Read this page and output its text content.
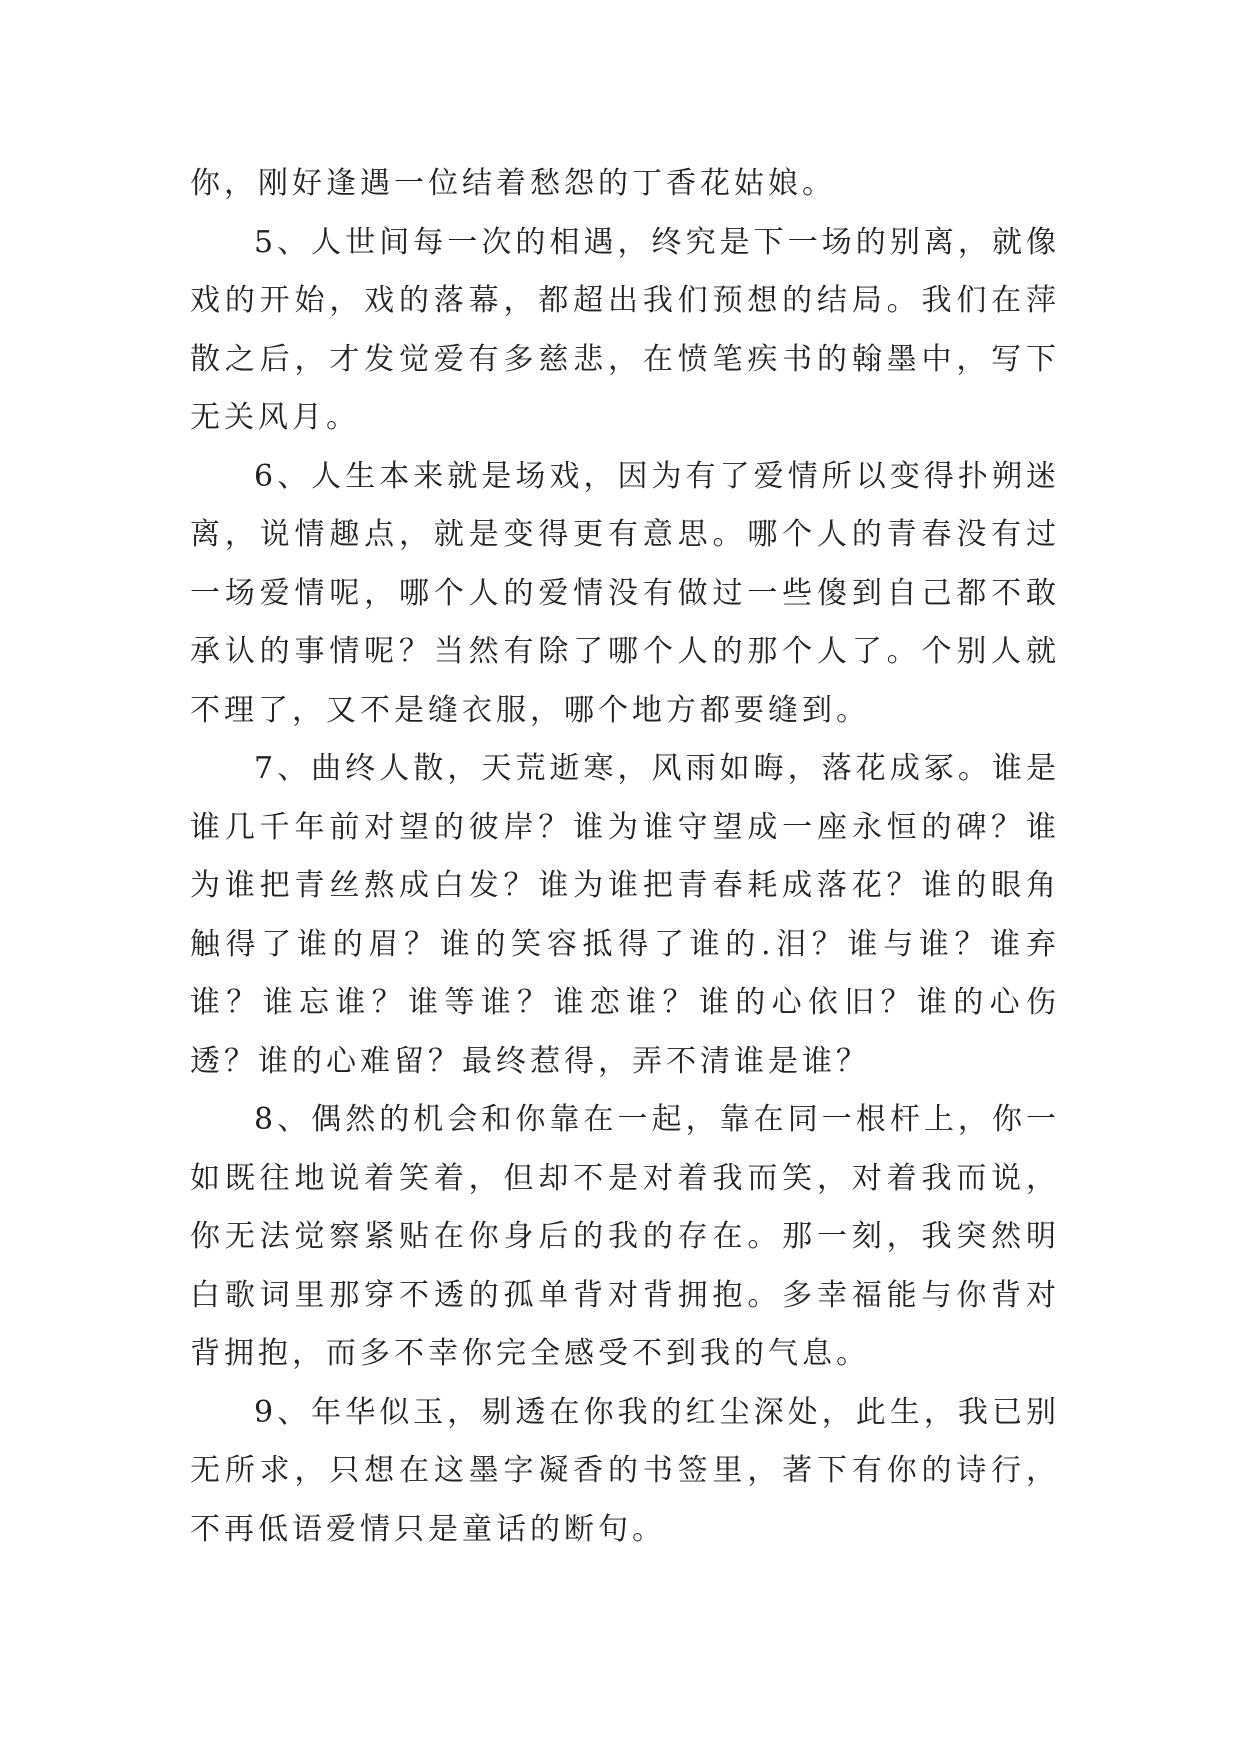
你，刚好逢遇一位结着愁怨的丁香花姑娘。

5、人世间每一次的相遇，终究是下一场的别离，就像戏的开始，戏的落幕，都超出我们预想的结局。我们在萍散之后，才发觉爱有多慈悲，在愤笔疾书的翰墨中，写下无关风月。

6、人生本来就是场戏，因为有了爱情所以变得扑朔迷离，说情趣点，就是变得更有意思。哪个人的青春没有过一场爱情呢，哪个人的爱情没有做过一些傻到自己都不敢承认的事情呢？当然有除了哪个人的那个人了。个别人就不理了，又不是缝衣服，哪个地方都要缝到。

7、曲终人散，天荒逝寒，风雨如晦，落花成冢。谁是谁几千年前对望的彼岸？谁为谁守望成一座永恒的碑？谁为谁把青丝熬成白发？谁为谁把青春耗成落花？谁的眼角触得了谁的眉？谁的笑容抵得了谁的.泪？谁与谁？谁弃谁？谁忘谁？谁等谁？谁恋谁？谁的心依旧？谁的心伤透？谁的心难留？最终惹得，弄不清谁是谁？

8、偶然的机会和你靠在一起，靠在同一根杆上，你一如既往地说着笑着，但却不是对着我而笑，对着我而说，你无法觉察紧贴在你身后的我的存在。那一刻，我突然明白歌词里那穿不透的孤单背对背拥抱。多幸福能与你背对背拥抱，而多不幸你完全感受不到我的气息。

9、年华似玉，剔透在你我的红尘深处，此生，我已别无所求，只想在这墨字凝香的书签里，著下有你的诗行，不再低语爱情只是童话的断句。
